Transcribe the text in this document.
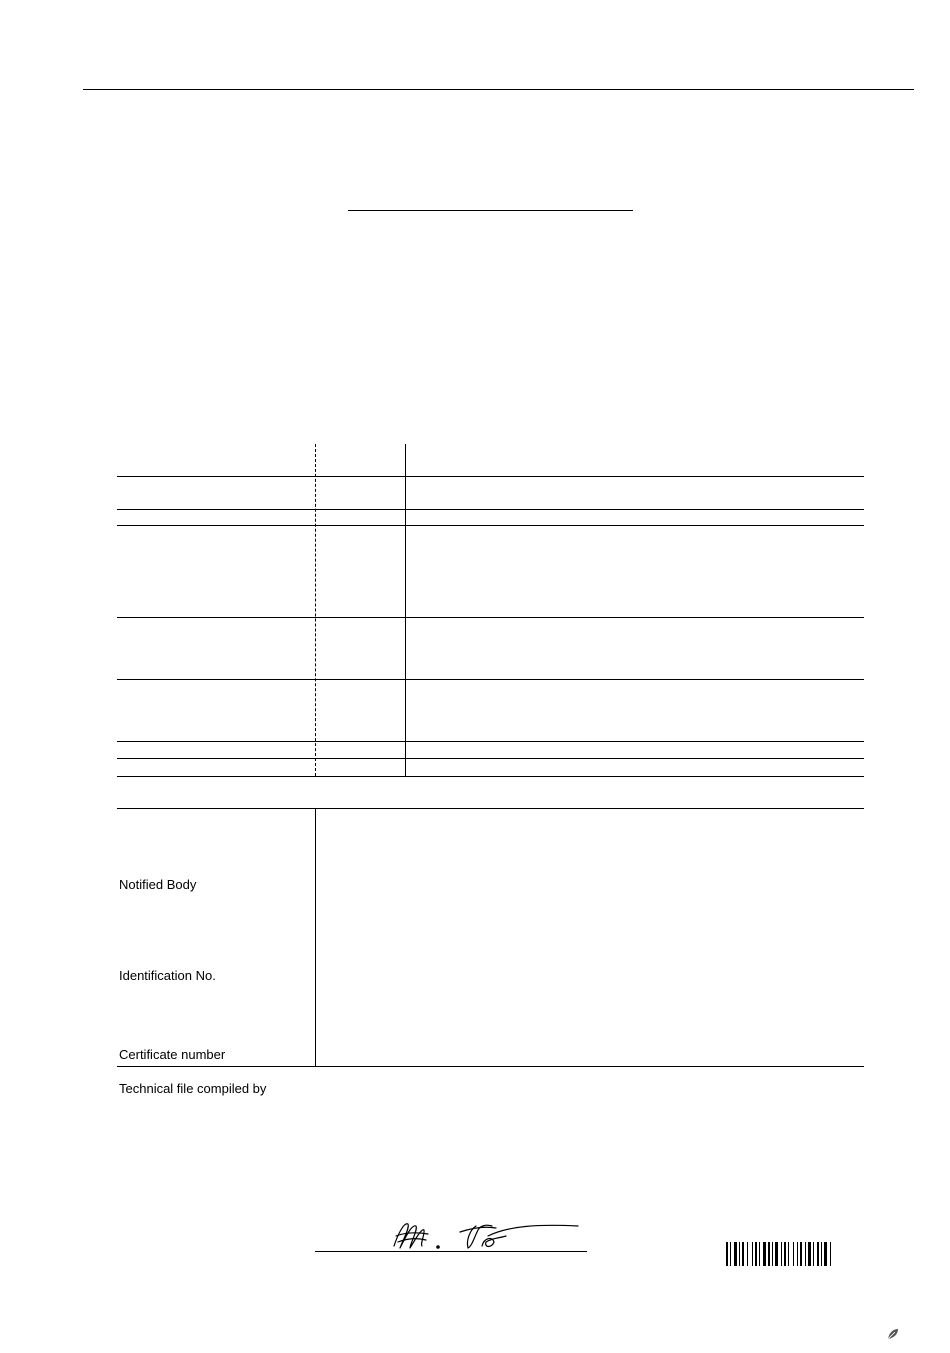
Notified Body
Identification No.
Certificate number
Technical file compiled by
